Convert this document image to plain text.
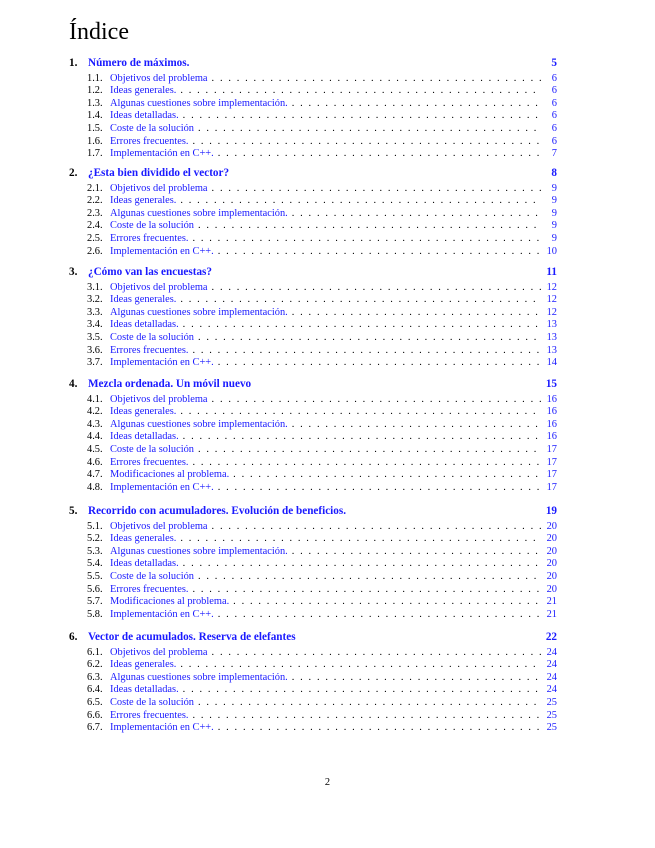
Índice
1. Número de máximos.	5
1.1. Objetivos del problema . . .	6
1.2. Ideas generales. . . .	6
1.3. Algunas cuestiones sobre implementación. . . .	6
1.4. Ideas detalladas. . . .	6
1.5. Coste de la solución . . .	6
1.6. Errores frecuentes. . . .	6
1.7. Implementación en C++. . . .	7
2. ¿Esta bien dividido el vector?	8
2.1. Objetivos del problema . . .	9
2.2. Ideas generales. . . .	9
2.3. Algunas cuestiones sobre implementación. . . .	9
2.4. Coste de la solución . . .	9
2.5. Errores frecuentes. . . .	9
2.6. Implementación en C++. . . .	10
3. ¿Cómo van las encuestas?	11
3.1. Objetivos del problema . . .	12
3.2. Ideas generales. . . .	12
3.3. Algunas cuestiones sobre implementación. . . .	12
3.4. Ideas detalladas. . . .	13
3.5. Coste de la solución . . .	13
3.6. Errores frecuentes. . . .	13
3.7. Implementación en C++. . . .	14
4. Mezcla ordenada. Un móvil nuevo	15
4.1. Objetivos del problema . . .	16
4.2. Ideas generales. . . .	16
4.3. Algunas cuestiones sobre implementación. . . .	16
4.4. Ideas detalladas. . . .	16
4.5. Coste de la solución . . .	17
4.6. Errores frecuentes. . . .	17
4.7. Modificaciones al problema. . . .	17
4.8. Implementación en C++. . . .	17
5. Recorrido con acumuladores. Evolución de beneficios.	19
5.1. Objetivos del problema . . .	20
5.2. Ideas generales. . . .	20
5.3. Algunas cuestiones sobre implementación. . . .	20
5.4. Ideas detalladas. . . .	20
5.5. Coste de la solución . . .	20
5.6. Errores frecuentes. . . .	20
5.7. Modificaciones al problema. . . .	21
5.8. Implementación en C++. . . .	21
6. Vector de acumulados. Reserva de elefantes	22
6.1. Objetivos del problema . . .	24
6.2. Ideas generales. . . .	24
6.3. Algunas cuestiones sobre implementación. . . .	24
6.4. Ideas detalladas. . . .	24
6.5. Coste de la solución . . .	25
6.6. Errores frecuentes. . . .	25
6.7. Implementación en C++. . . .	25
2
